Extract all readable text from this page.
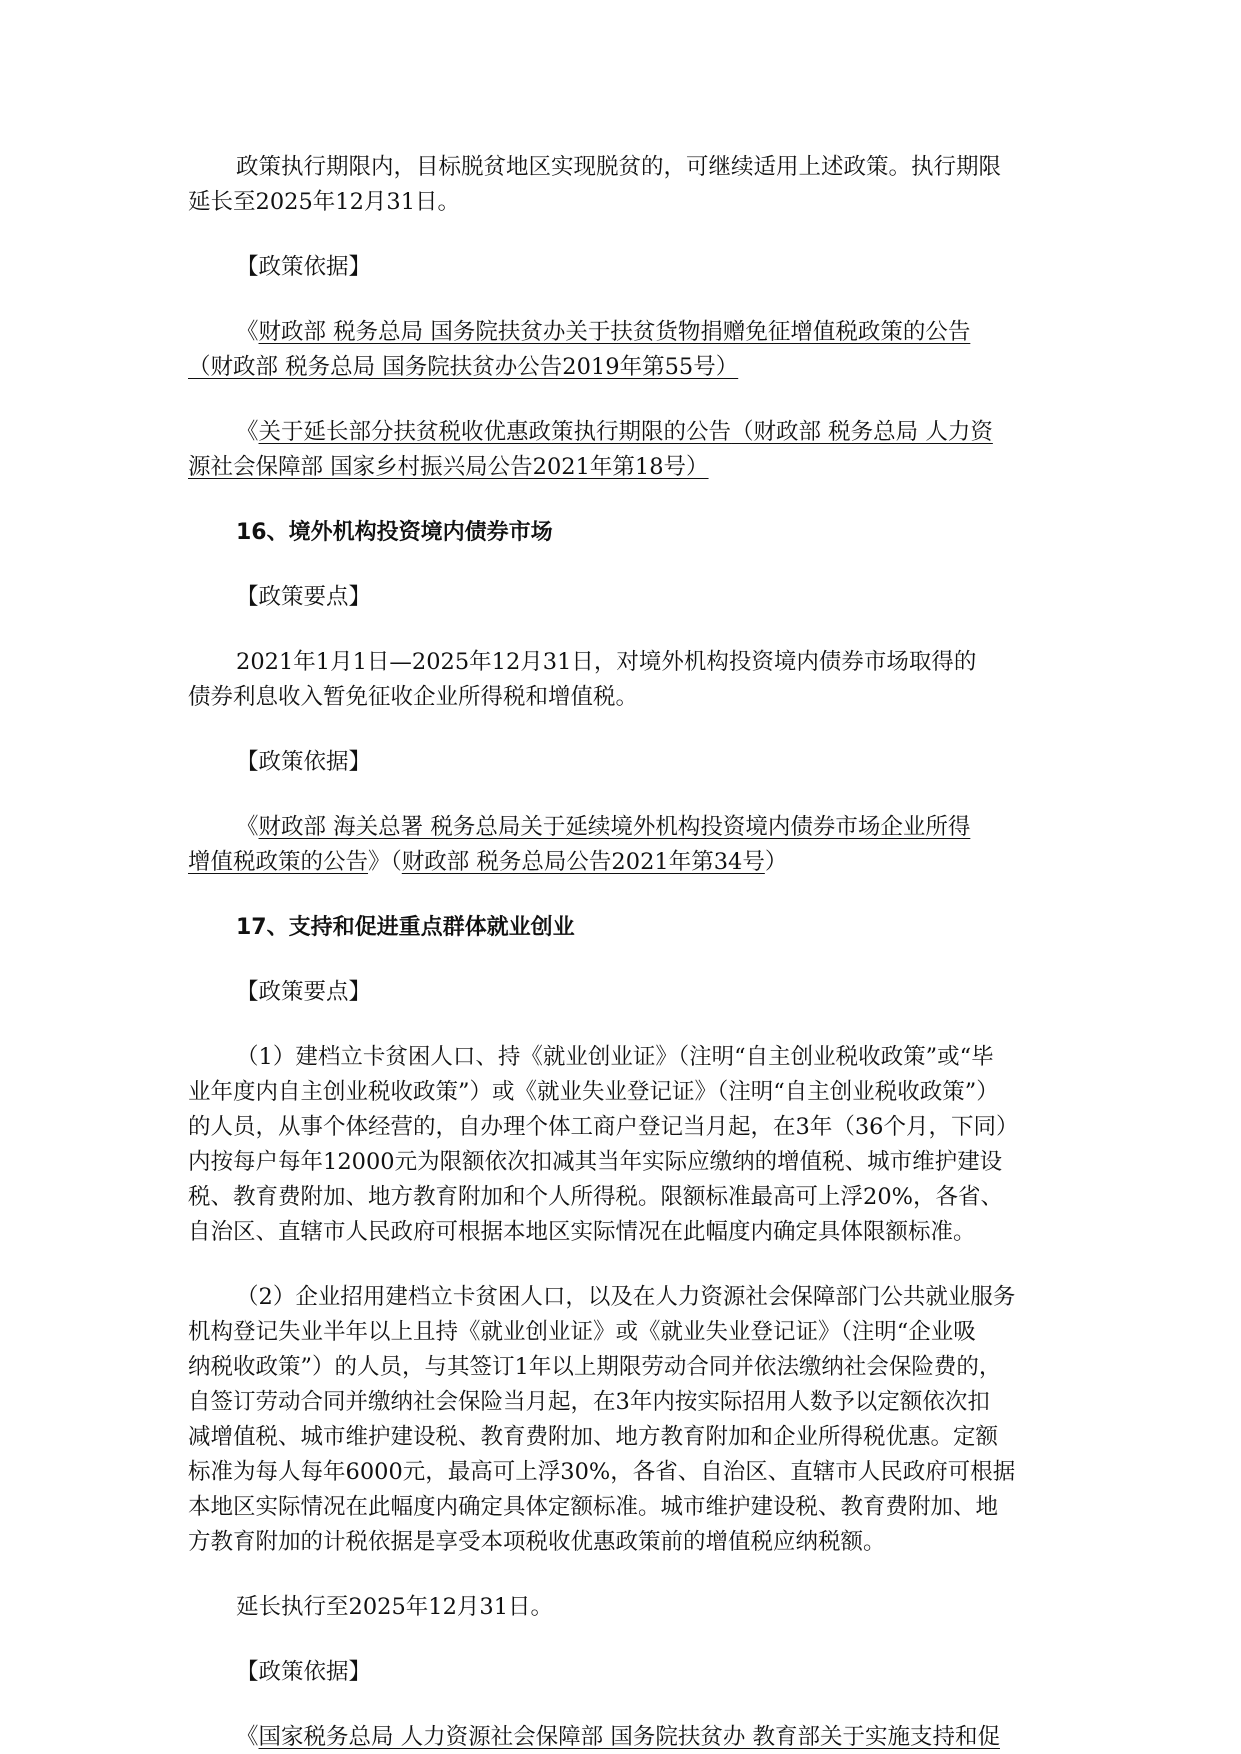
政策执行期限内，目标脱贫地区实现脱贫的，可继续适用上述政策。执行期限
延长至2025年12月31日。

【政策依据】

《财政部 税务总局 国务院扶贫办关于扶贫货物捐赠免征增值税政策的公告
（财政部 税务总局 国务院扶贫办公告2019年第55号）

《关于延长部分扶贫税收优惠政策执行期限的公告（财政部 税务总局 人力资
源社会保障部 国家乡村振兴局公告2021年第18号）

16、境外机构投资境内债券市场

【政策要点】

2021年1月1日—2025年12月31日，对境外机构投资境内债券市场取得的
债券利息收入暂免征收企业所得税和增值税。

【政策依据】

《财政部 海关总署 税务总局关于延续境外机构投资境内债券市场企业所得
增值税政策的公告》（财政部 税务总局公告2021年第34号）

17、支持和促进重点群体就业创业

【政策要点】

（1）建档立卡贫困人口、持《就业创业证》（注明“自主创业税收政策”或“毕
业年度内自主创业税收政策”）或《就业失业登记证》（注明“自主创业税收政策”）
的人员，从事个体经营的，自办理个体工商户登记当月起，在3年（36个月，下同）
内按每户每年12000元为限额依次扣减其当年实际应缴纳的增值税、城市维护建设
税、教育费附加、地方教育附加和个人所得税。限额标准最高可上浮20%，各省、
自治区、直辖市人民政府可根据本地区实际情况在此幅度内确定具体限额标准。

（2）企业招用建档立卡贫困人口，以及在人力资源社会保障部门公共就业服务
机构登记失业半年以上且持《就业创业证》或《就业失业登记证》（注明“企业吸
纳税收政策”）的人员，与其签订1年以上期限劳动合同并依法缴纳社会保险费的，
自签订劳动合同并缴纳社会保险当月起，在3年内按实际招用人数予以定额依次扣
减增值税、城市维护建设税、教育费附加、地方教育附加和企业所得税优惠。定额
标准为每人每年6000元，最高可上浮30%，各省、自治区、直辖市人民政府可根据
本地区实际情况在此幅度内确定具体定额标准。城市维护建设税、教育费附加、地
方教育附加的计税依据是享受本项税收优惠政策前的增值税应纳税额。

延长执行至2025年12月31日。

【政策依据】

《国家税务总局 人力资源社会保障部 国务院扶贫办 教育部关于实施支持和促
